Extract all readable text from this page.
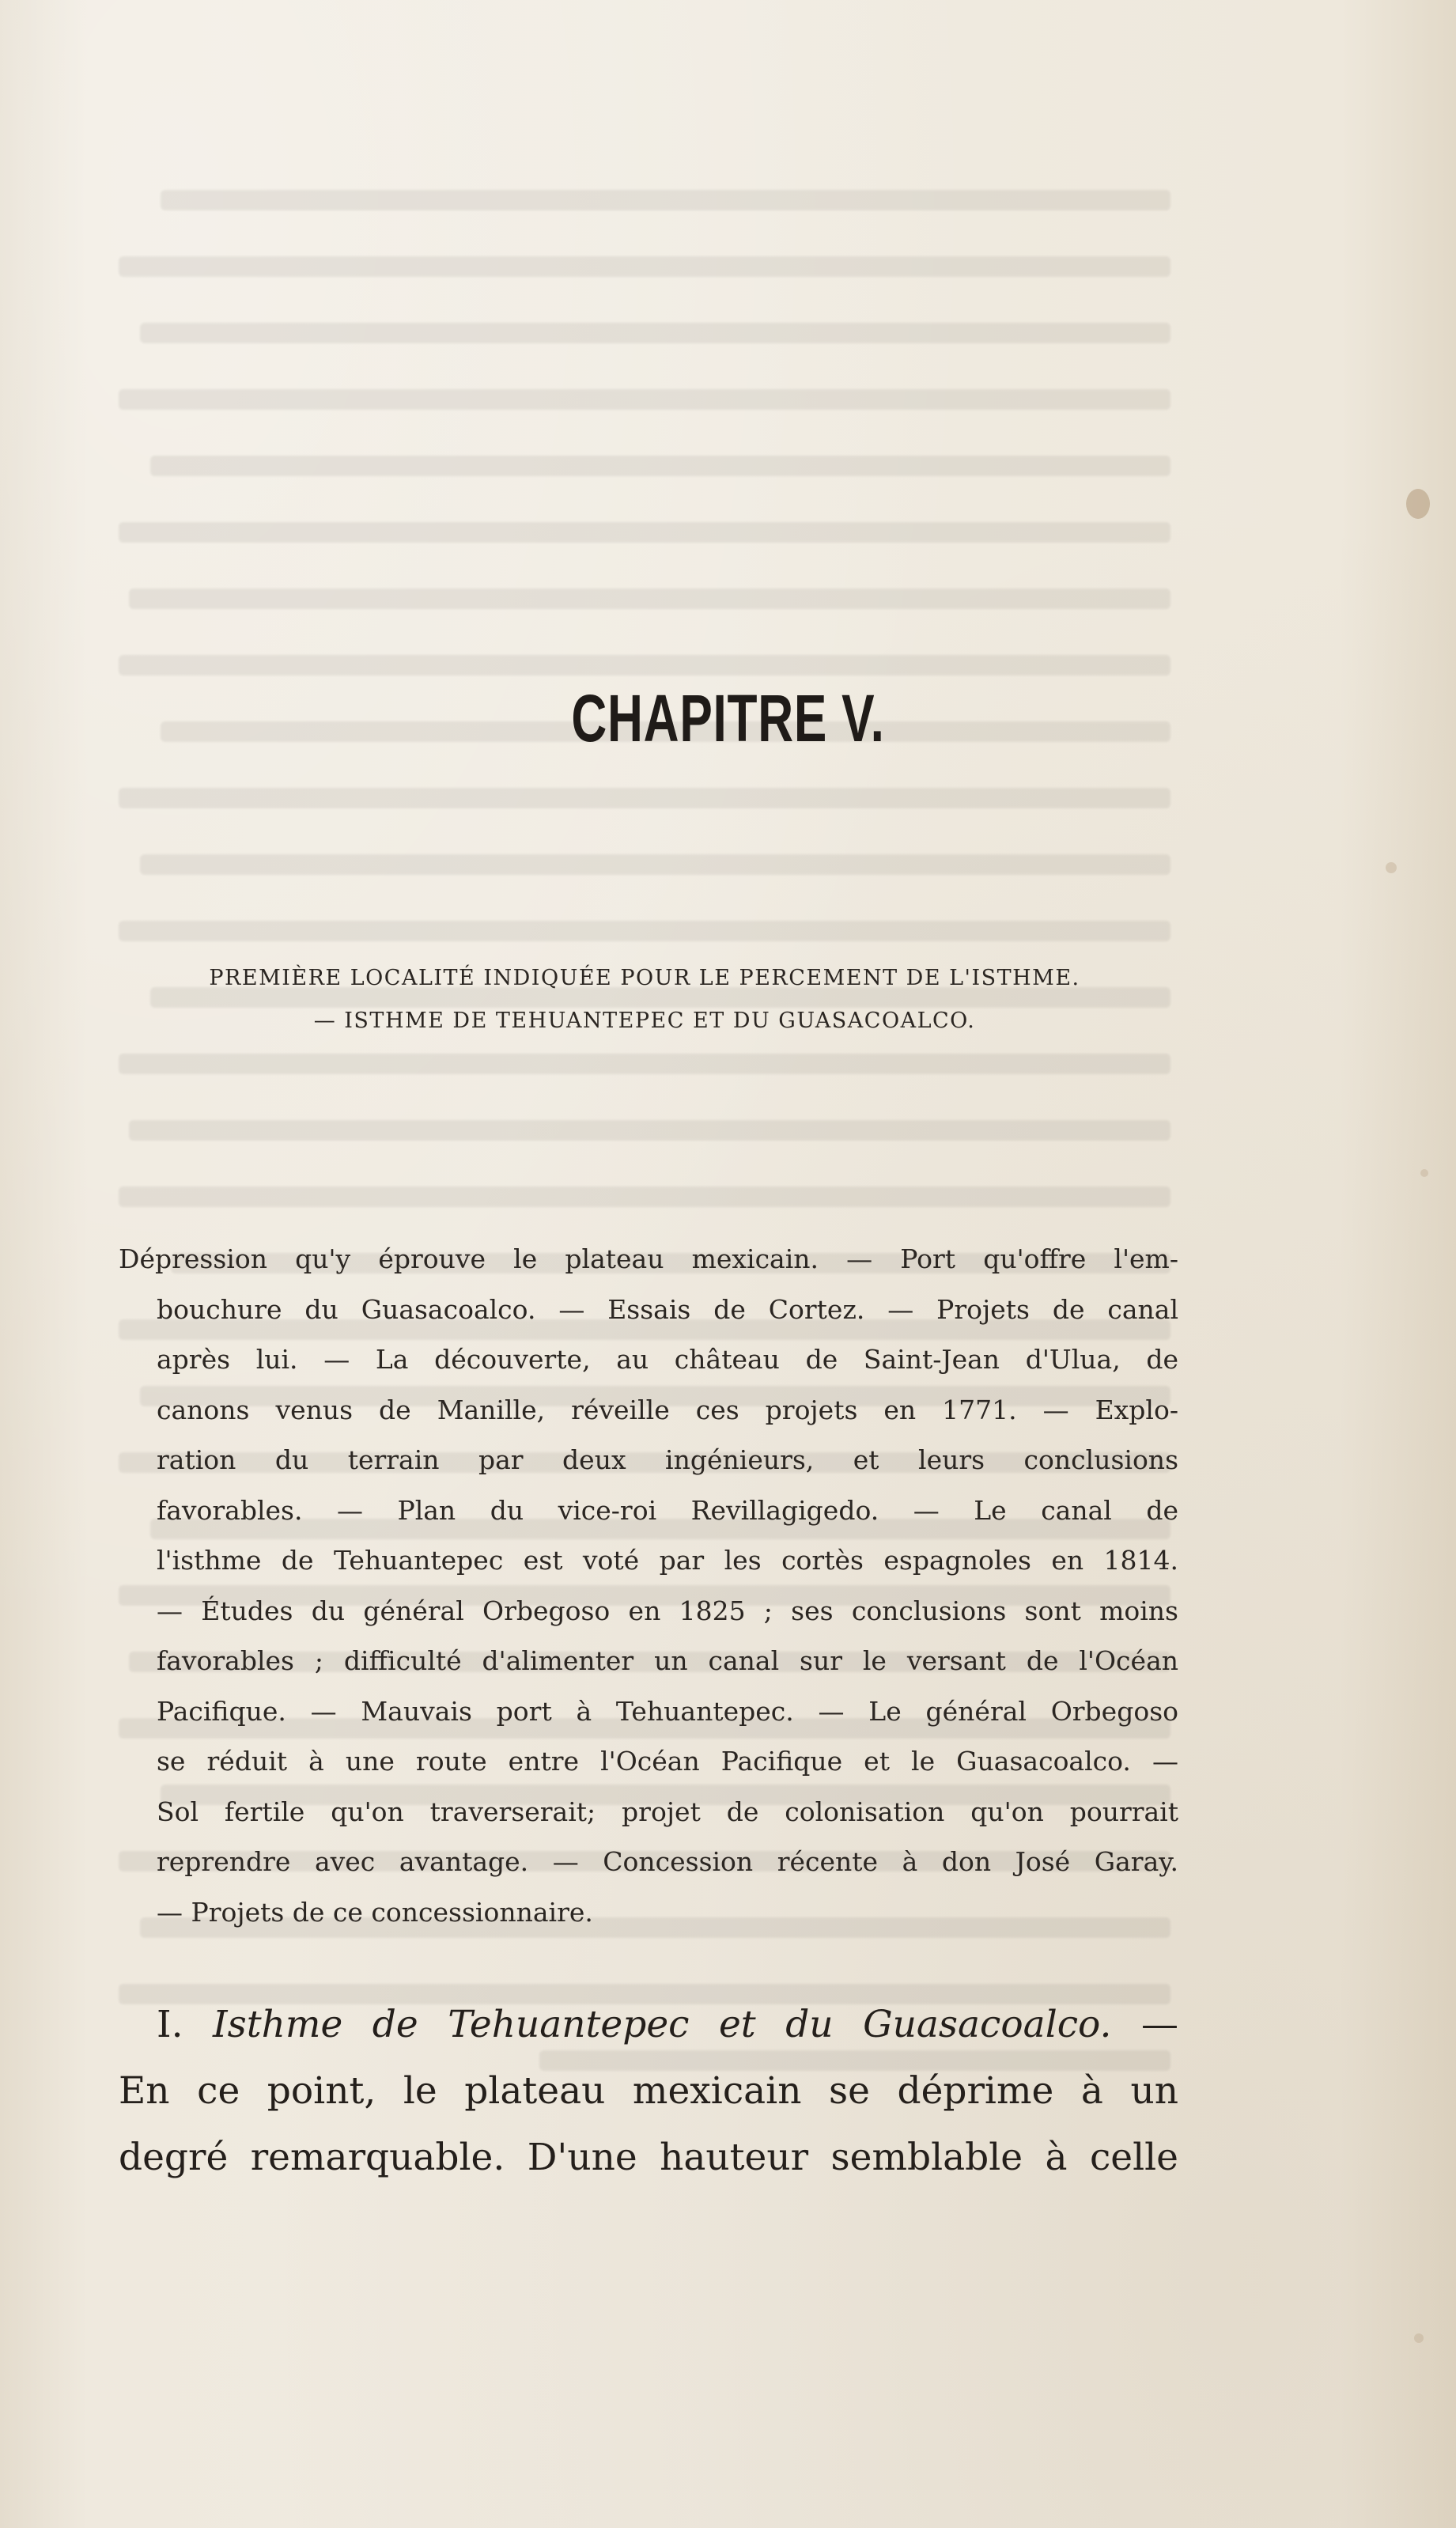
CHAPITRE V.
PREMIÈRE LOCALITÉ INDIQUÉE POUR LE PERCEMENT DE L'ISTHME.
— ISTHME DE TEHUANTEPEC ET DU GUASACOALCO.
Dépression qu'y éprouve le plateau mexicain. — Port qu'offre l'em-
bouchure du Guasacoalco. — Essais de Cortez. — Projets de canal
après lui. — La découverte, au château de Saint-Jean d'Ulua, de
canons venus de Manille, réveille ces projets en 1771. — Explo-
ration du terrain par deux ingénieurs, et leurs conclusions
favorables. — Plan du vice-roi Revillagigedo. — Le canal de
l'isthme de Tehuantepec est voté par les cortès espagnoles en 1814.
— Études du général Orbegoso en 1825 ; ses conclusions sont moins
favorables ; difficulté d'alimenter un canal sur le versant de l'Océan
Pacifique. — Mauvais port à Tehuantepec. — Le général Orbegoso
se réduit à une route entre l'Océan Pacifique et le Guasacoalco. —
Sol fertile qu'on traverserait; projet de colonisation qu'on pourrait
reprendre avec avantage. — Concession récente à don José Garay.
— Projets de ce concessionnaire.
I. Isthme de Tehuantepec et du Guasacoalco. —
En ce point, le plateau mexicain se déprime à un
degré remarquable. D'une hauteur semblable à celle
